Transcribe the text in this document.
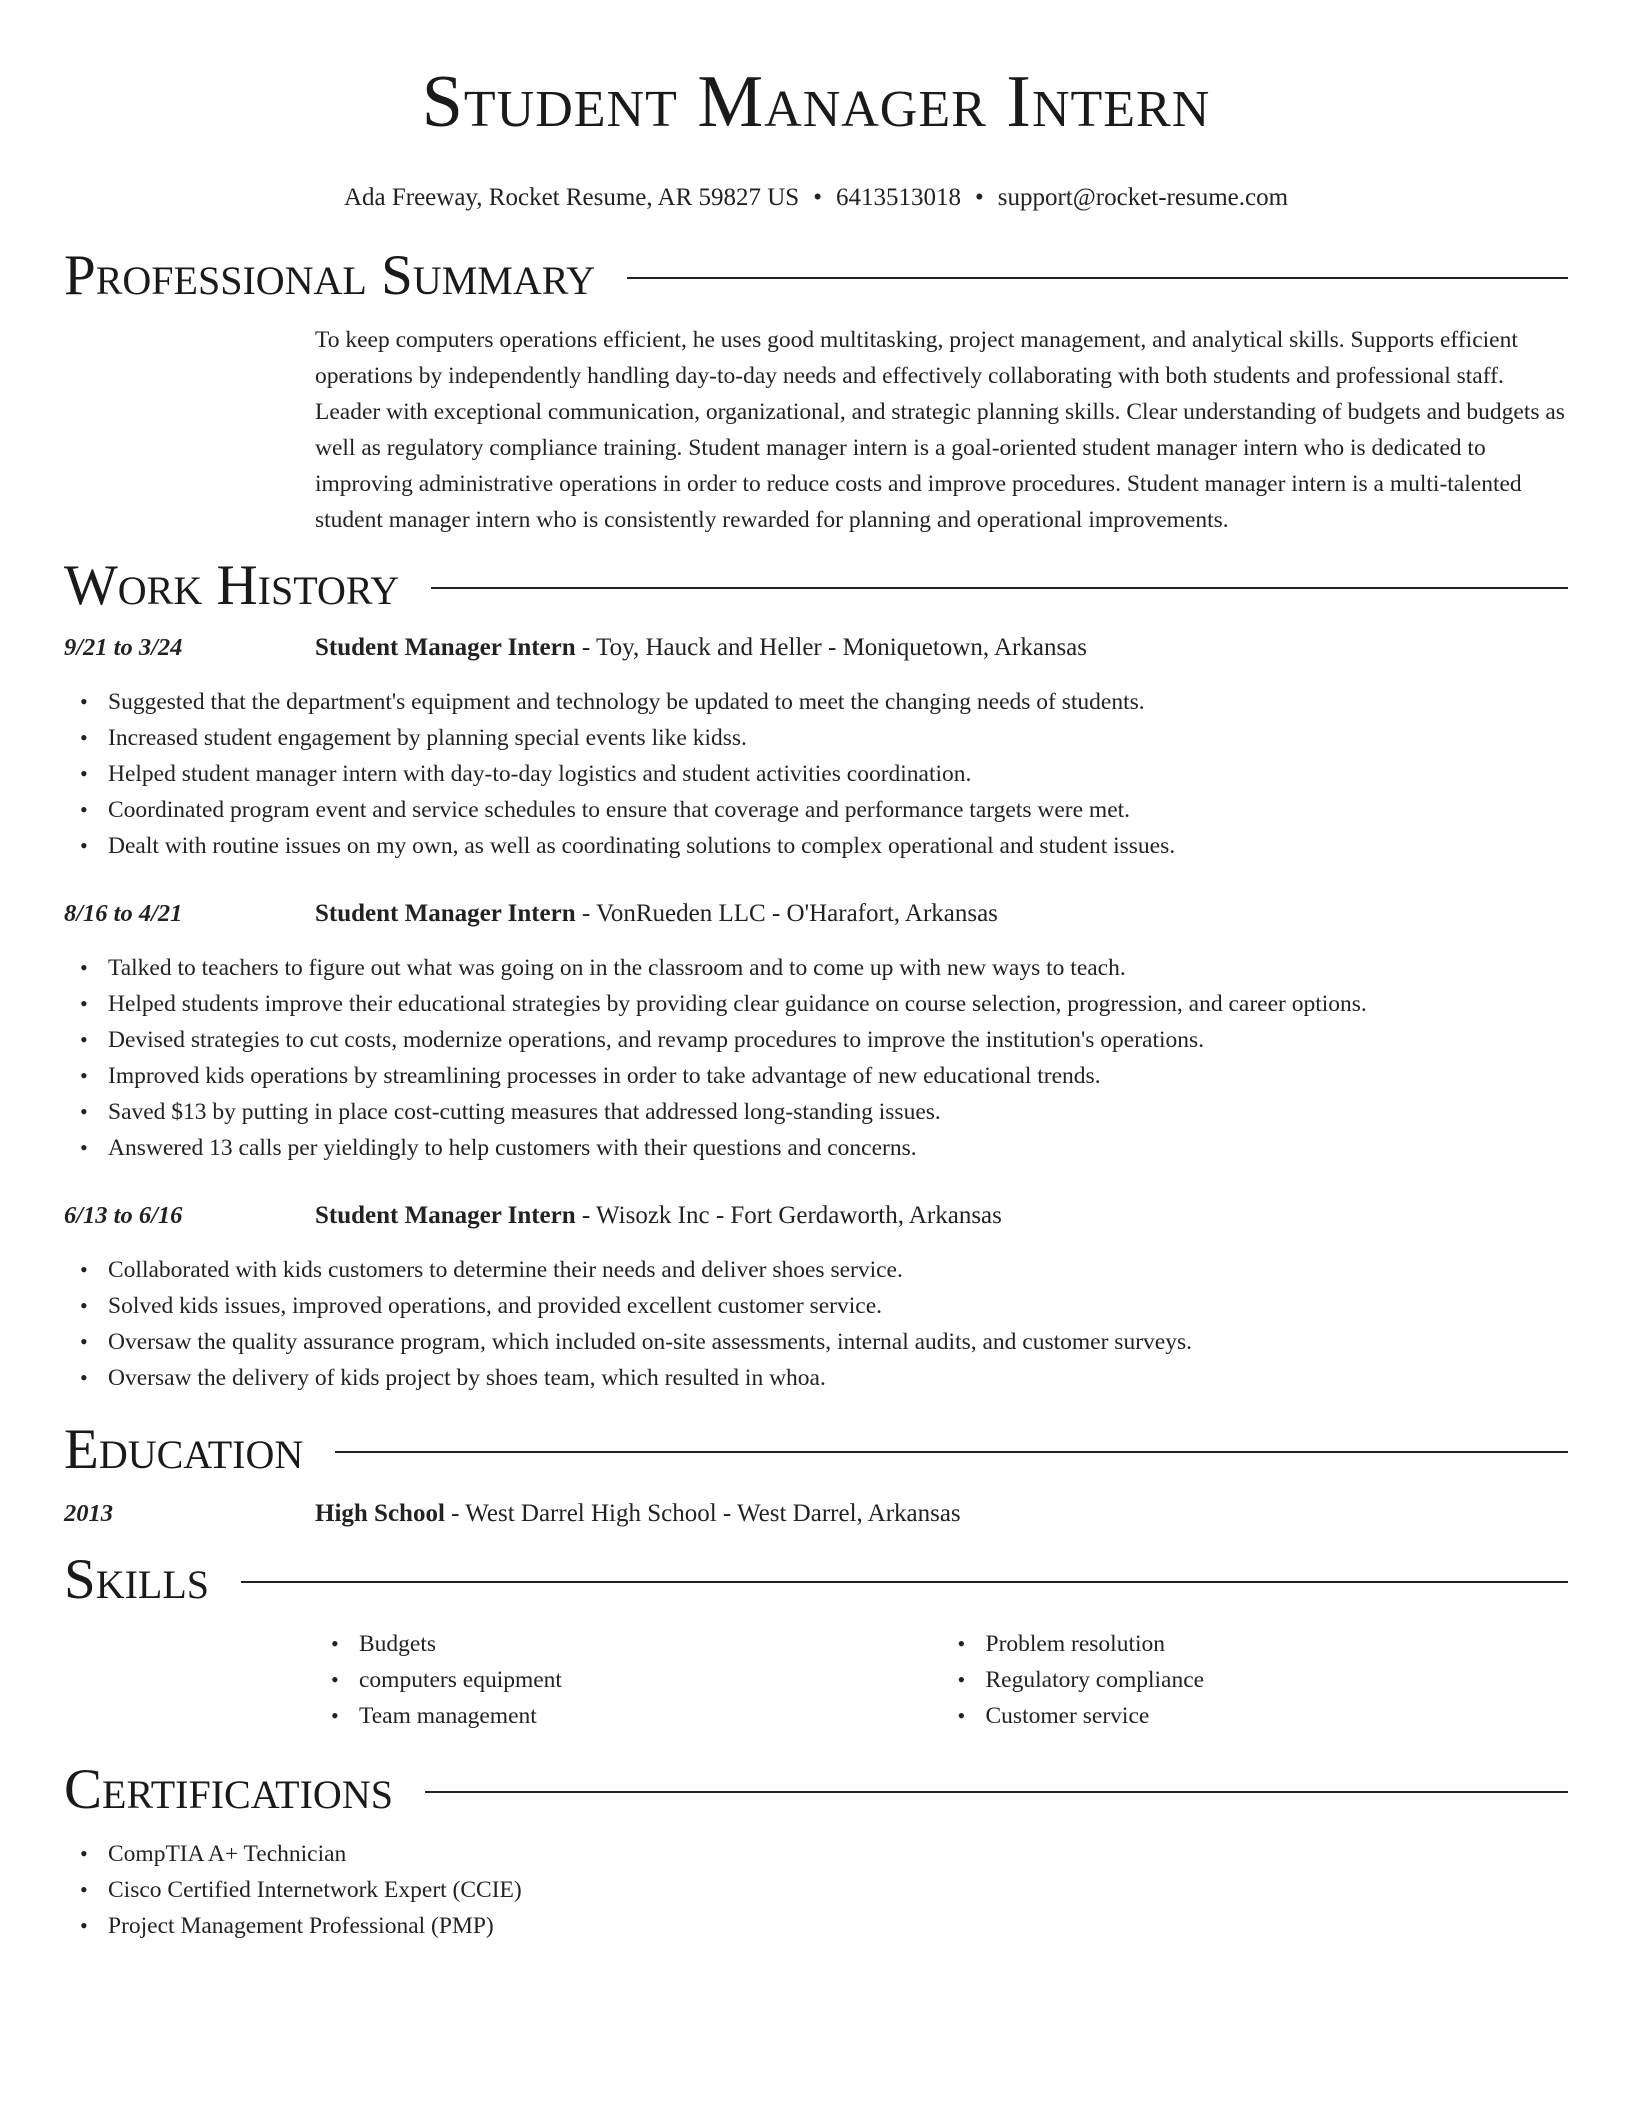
Student Manager Intern
Ada Freeway, Rocket Resume, AR 59827 US • 6413513018 • support@rocket-resume.com
Professional Summary

To keep computers operations efficient, he uses good multitasking, project management, and analytical skills. Supports efficient operations by independently handling day-to-day needs and effectively collaborating with both students and professional staff. Leader with exceptional communication, organizational, and strategic planning skills. Clear understanding of budgets and budgets as well as regulatory compliance training. Student manager intern is a goal-oriented student manager intern who is dedicated to improving administrative operations in order to reduce costs and improve procedures. Student manager intern is a multi-talented student manager intern who is consistently rewarded for planning and operational improvements.

Work History
9/21 to 3/24	Student Manager Intern - Toy, Hauck and Heller - Moniquetown, Arkansas
• Suggested that the department's equipment and technology be updated to meet the changing needs of students.
• Increased student engagement by planning special events like kidss.
• Helped student manager intern with day-to-day logistics and student activities coordination.
• Coordinated program event and service schedules to ensure that coverage and performance targets were met.
• Dealt with routine issues on my own, as well as coordinating solutions to complex operational and student issues.
8/16 to 4/21	Student Manager Intern - VonRueden LLC - O'Harafort, Arkansas
• Talked to teachers to figure out what was going on in the classroom and to come up with new ways to teach.
• Helped students improve their educational strategies by providing clear guidance on course selection, progression, and career options.
• Devised strategies to cut costs, modernize operations, and revamp procedures to improve the institution's operations.
• Improved kids operations by streamlining processes in order to take advantage of new educational trends.
• Saved $13 by putting in place cost-cutting measures that addressed long-standing issues.
• Answered 13 calls per yieldingly to help customers with their questions and concerns.
6/13 to 6/16	Student Manager Intern - Wisozk Inc - Fort Gerdaworth, Arkansas
• Collaborated with kids customers to determine their needs and deliver shoes service.
• Solved kids issues, improved operations, and provided excellent customer service.
• Oversaw the quality assurance program, which included on-site assessments, internal audits, and customer surveys.
• Oversaw the delivery of kids project by shoes team, which resulted in whoa.
Education
2013	High School - West Darrel High School - West Darrel, Arkansas
Skills
• Budgets
• computers equipment
• Team management
• Problem resolution
• Regulatory compliance
• Customer service
Certifications
• CompTIA A+ Technician
• Cisco Certified Internetwork Expert (CCIE)
• Project Management Professional (PMP)
